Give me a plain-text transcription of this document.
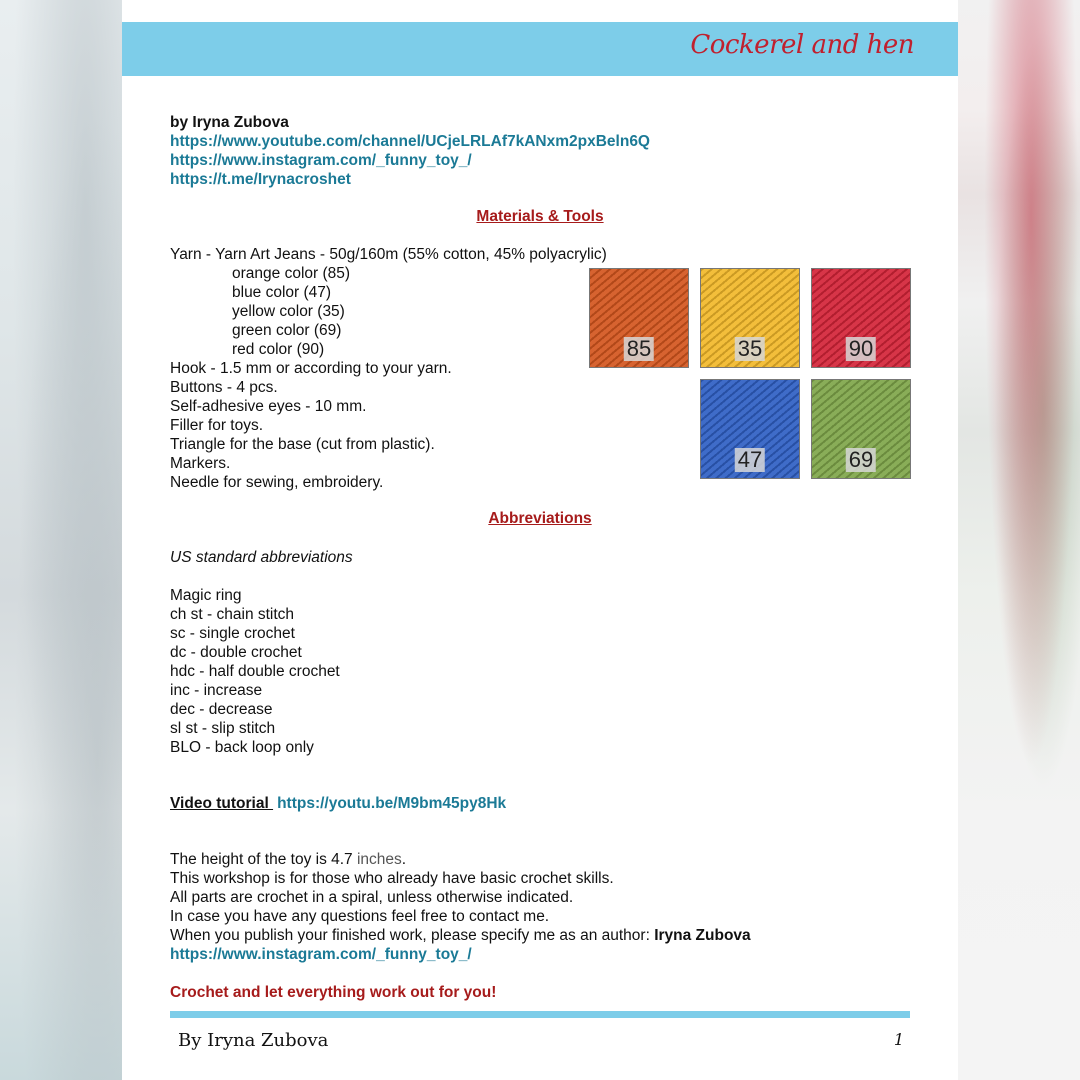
Cockerel and hen
by Iryna Zubova
https://www.youtube.com/channel/UCjeLRLAf7kANxm2pxBeln6Q
https://www.instagram.com/_funny_toy_/
https://t.me/Irynacroshet
Materials & Tools
Yarn - Yarn Art Jeans - 50g/160m (55% cotton, 45% polyacrylic)
orange color (85)
blue color (47)
yellow color (35)
green color (69)
red color (90)
Hook - 1.5 mm or according to your yarn.
Buttons - 4 pcs.
Self-adhesive eyes - 10 mm.
Filler for toys.
Triangle for the base (cut from plastic).
Markers.
Needle for sewing, embroidery.
85	35	90
47	69
Abbreviations
US standard abbreviations
Magic ring
ch st - chain stitch
sc - single crochet
dc - double crochet
hdc - half double crochet
inc - increase
dec - decrease
sl st - slip stitch
BLO - back loop only
Video tutorial https://youtu.be/M9bm45py8Hk
The height of the toy is 4.7 inches.
This workshop is for those who already have basic crochet skills.
All parts are crochet in a spiral, unless otherwise indicated.
In case you have any questions feel free to contact me.
When you publish your finished work, please specify me as an author: Iryna Zubova
https://www.instagram.com/_funny_toy_/
Crochet and let everything work out for you!
By Iryna Zubova	1
